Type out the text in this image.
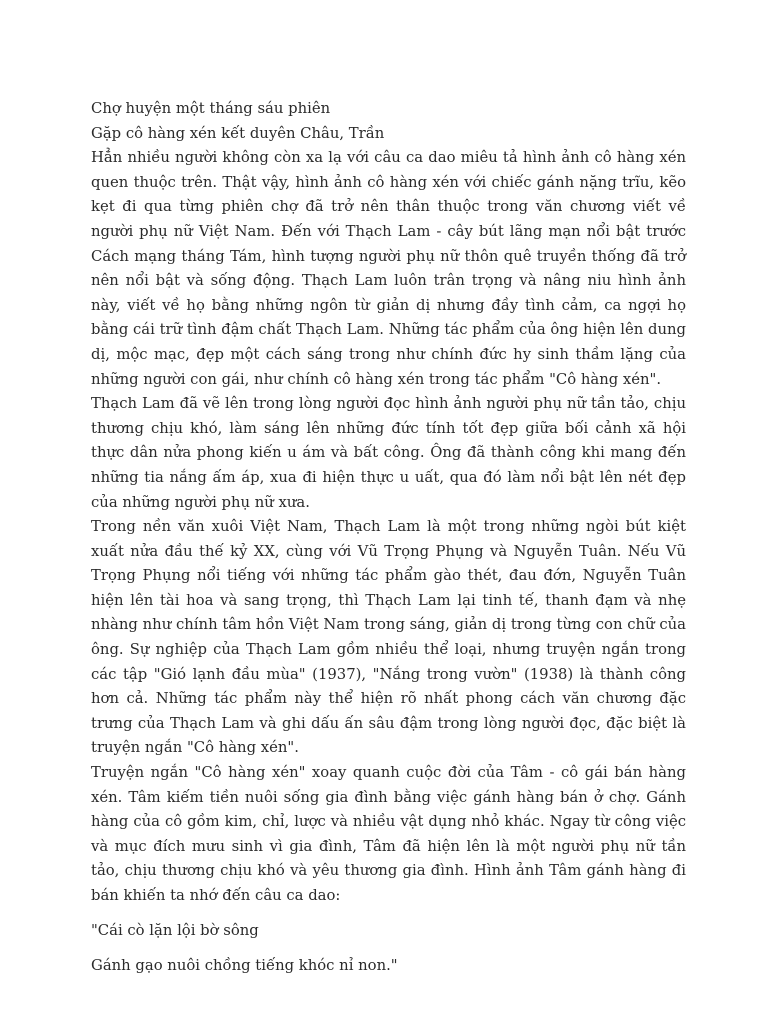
Chợ huyện một tháng sáu phiên

Gặp cô hàng xén kết duyên Châu, Trần

Hẳn nhiều người không còn xa lạ với câu ca dao miêu tả hình ảnh cô hàng xén quen thuộc trên. Thật vậy, hình ảnh cô hàng xén với chiếc gánh nặng trĩu, kẽo kẹt đi qua từng phiên chợ đã trở nên thân thuộc trong văn chương viết về người phụ nữ Việt Nam. Đến với Thạch Lam - cây bút lãng mạn nổi bật trước Cách mạng tháng Tám, hình tượng người phụ nữ thôn quê truyền thống đã trở nên nổi bật và sống động. Thạch Lam luôn trân trọng và nâng niu hình ảnh này, viết về họ bằng những ngôn từ giản dị nhưng đầy tình cảm, ca ngợi họ bằng cái trữ tình đậm chất Thạch Lam. Những tác phẩm của ông hiện lên dung dị, mộc mạc, đẹp một cách sáng trong như chính đức hy sinh thầm lặng của những người con gái, như chính cô hàng xén trong tác phẩm "Cô hàng xén".

Thạch Lam đã vẽ lên trong lòng người đọc hình ảnh người phụ nữ tần tảo, chịu thương chịu khó, làm sáng lên những đức tính tốt đẹp giữa bối cảnh xã hội thực dân nửa phong kiến u ám và bất công. Ông đã thành công khi mang đến những tia nắng ấm áp, xua đi hiện thực u uất, qua đó làm nổi bật lên nét đẹp của những người phụ nữ xưa.

Trong nền văn xuôi Việt Nam, Thạch Lam là một trong những ngòi bút kiệt xuất nửa đầu thế kỷ XX, cùng với Vũ Trọng Phụng và Nguyễn Tuân. Nếu Vũ Trọng Phụng nổi tiếng với những tác phẩm gào thét, đau đớn, Nguyễn Tuân hiện lên tài hoa và sang trọng, thì Thạch Lam lại tinh tế, thanh đạm và nhẹ nhàng như chính tâm hồn Việt Nam trong sáng, giản dị trong từng con chữ của ông. Sự nghiệp của Thạch Lam gồm nhiều thể loại, nhưng truyện ngắn trong các tập "Gió lạnh đầu mùa" (1937), "Nắng trong vườn" (1938) là thành công hơn cả. Những tác phẩm này thể hiện rõ nhất phong cách văn chương đặc trưng của Thạch Lam và ghi dấu ấn sâu đậm trong lòng người đọc, đặc biệt là truyện ngắn "Cô hàng xén".

Truyện ngắn "Cô hàng xén" xoay quanh cuộc đời của Tâm - cô gái bán hàng xén. Tâm kiếm tiền nuôi sống gia đình bằng việc gánh hàng bán ở chợ. Gánh hàng của cô gồm kim, chỉ, lược và nhiều vật dụng nhỏ khác. Ngay từ công việc và mục đích mưu sinh vì gia đình, Tâm đã hiện lên là một người phụ nữ tần tảo, chịu thương chịu khó và yêu thương gia đình. Hình ảnh Tâm gánh hàng đi bán khiến ta nhớ đến câu ca dao:

"Cái cò lặn lội bờ sông

Gánh gạo nuôi chồng tiếng khóc nỉ non."
